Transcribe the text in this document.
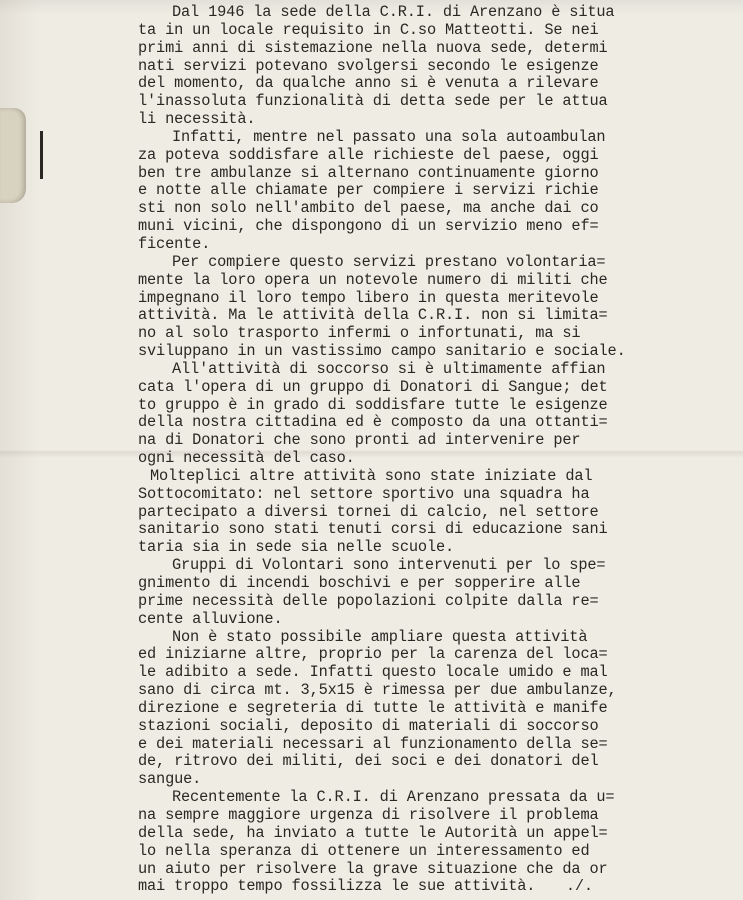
Dal 1946 la sede della C.R.I. di Arenzano è situa
ta in un locale requisito in C.so Matteotti. Se nei
primi anni di sistemazione nella nuova sede, determi
nati servizi potevano svolgersi secondo le esigenze
del momento, da qualche anno si è venuta a rilevare
l'inassoluta funzionalità di detta sede per le attua
li necessità.
Infatti, mentre nel passato una sola autoambulan
za poteva soddisfare alle richieste del paese, oggi
ben tre ambulanze si alternano continuamente giorno
e notte alle chiamate per compiere i servizi richie
sti non solo nell'ambito del paese, ma anche dai co
muni vicini, che dispongono di un servizio meno ef=
ficente.
Per compiere questo servizi prestano volontaria=
mente la loro opera un notevole numero di militi che
impegnano il loro tempo libero in questa meritevole
attività. Ma le attività della C.R.I. non si limita=
no al solo trasporto infermi o infortunati, ma si
sviluppano in un vastissimo campo sanitario e sociale.
All'attività di soccorso si è ultimamente affian
cata l'opera di un gruppo di Donatori di Sangue; det
to gruppo è in grado di soddisfare tutte le esigenze
della nostra cittadina ed è composto da una ottanti=
na di Donatori che sono pronti ad intervenire per
ogni necessità del caso.
Molteplici altre attività sono state iniziate dal
Sottocomitato: nel settore sportivo una squadra ha
partecipato a diversi tornei di calcio, nel settore
sanitario sono stati tenuti corsi di educazione sani
taria sia in sede sia nelle scuole.
Gruppi di Volontari sono intervenuti per lo spe=
gnimento di incendi boschivi e per sopperire alle
prime necessità delle popolazioni colpite dalla re=
cente alluvione.
Non è stato possibile ampliare questa attività
ed iniziarne altre, proprio per la carenza del loca=
le adibito a sede. Infatti questo locale umido e mal
sano di circa mt. 3,5x15 è rimessa per due ambulanze,
direzione e segreteria di tutte le attività e manife
stazioni sociali, deposito di materiali di soccorso
e dei materiali necessari al funzionamento della se=
de, ritrovo dei militi, dei soci e dei donatori del
sangue.
Recentemente la C.R.I. di Arenzano pressata da u=
na sempre maggiore urgenza di risolvere il problema
della sede, ha inviato a tutte le Autorità un appel=
lo nella speranza di ottenere un interessamento ed
un aiuto per risolvere la grave situazione che da or
mai troppo tempo fossilizza le sue attività.	./.
